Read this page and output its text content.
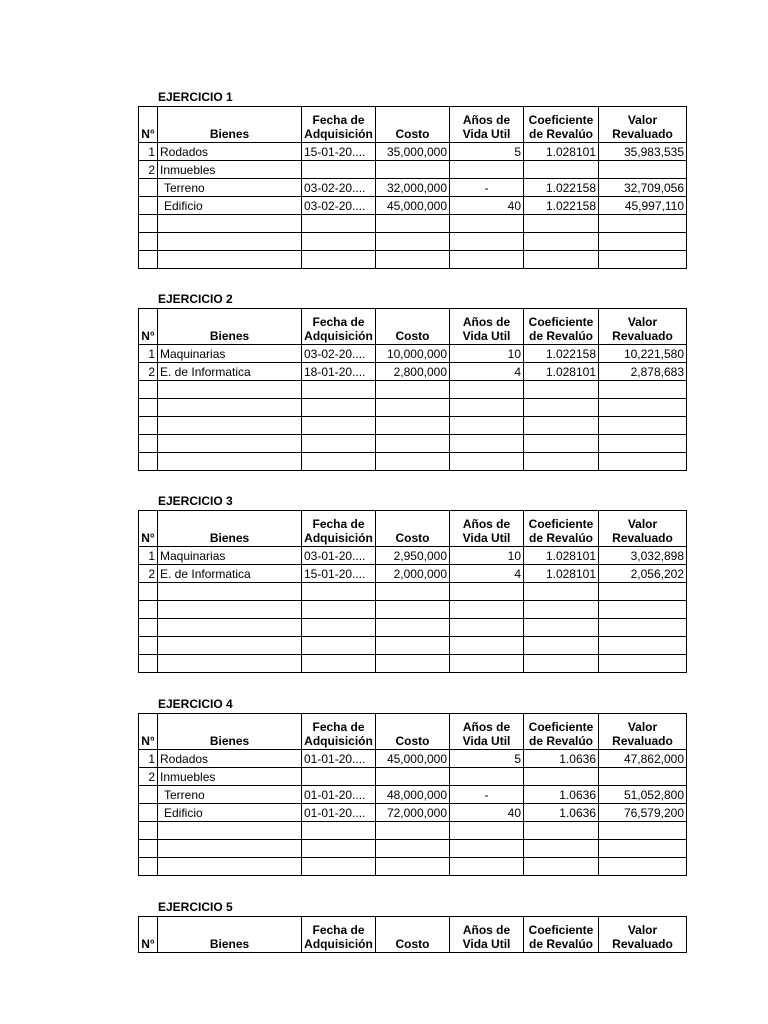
EJERCICIO 1
N°	Bienes	Fecha de Adquisición	Costo	Años de Vida Util	Coeficiente de Revalúo	Valor Revaluado
1	Rodados	15-01-20....	35,000,000	5	1.028101	35,983,535
2	Inmuebles					
	Terreno	03-02-20....	32,000,000	-	1.022158	32,709,056
	Edificio	03-02-20....	45,000,000	40	1.022158	45,997,110

EJERCICIO 2
N°	Bienes	Fecha de Adquisición	Costo	Años de Vida Util	Coeficiente de Revalúo	Valor Revaluado
1	Maquinarias	03-02-20....	10,000,000	10	1.022158	10,221,580
2	E. de Informatica	18-01-20....	2,800,000	4	1.028101	2,878,683

EJERCICIO 3
N°	Bienes	Fecha de Adquisición	Costo	Años de Vida Util	Coeficiente de Revalúo	Valor Revaluado
1	Maquinarias	03-01-20....	2,950,000	10	1.028101	3,032,898
2	E. de Informatica	15-01-20....	2,000,000	4	1.028101	2,056,202

EJERCICIO 4
N°	Bienes	Fecha de Adquisición	Costo	Años de Vida Util	Coeficiente de Revalúo	Valor Revaluado
1	Rodados	01-01-20....	45,000,000	5	1.0636	47,862,000
2	Inmuebles					
	Terreno	01-01-20....	48,000,000	-	1.0636	51,052,800
	Edificio	01-01-20....	72,000,000	40	1.0636	76,579,200

EJERCICIO 5
N°	Bienes	Fecha de Adquisición	Costo	Años de Vida Util	Coeficiente de Revalúo	Valor Revaluado
